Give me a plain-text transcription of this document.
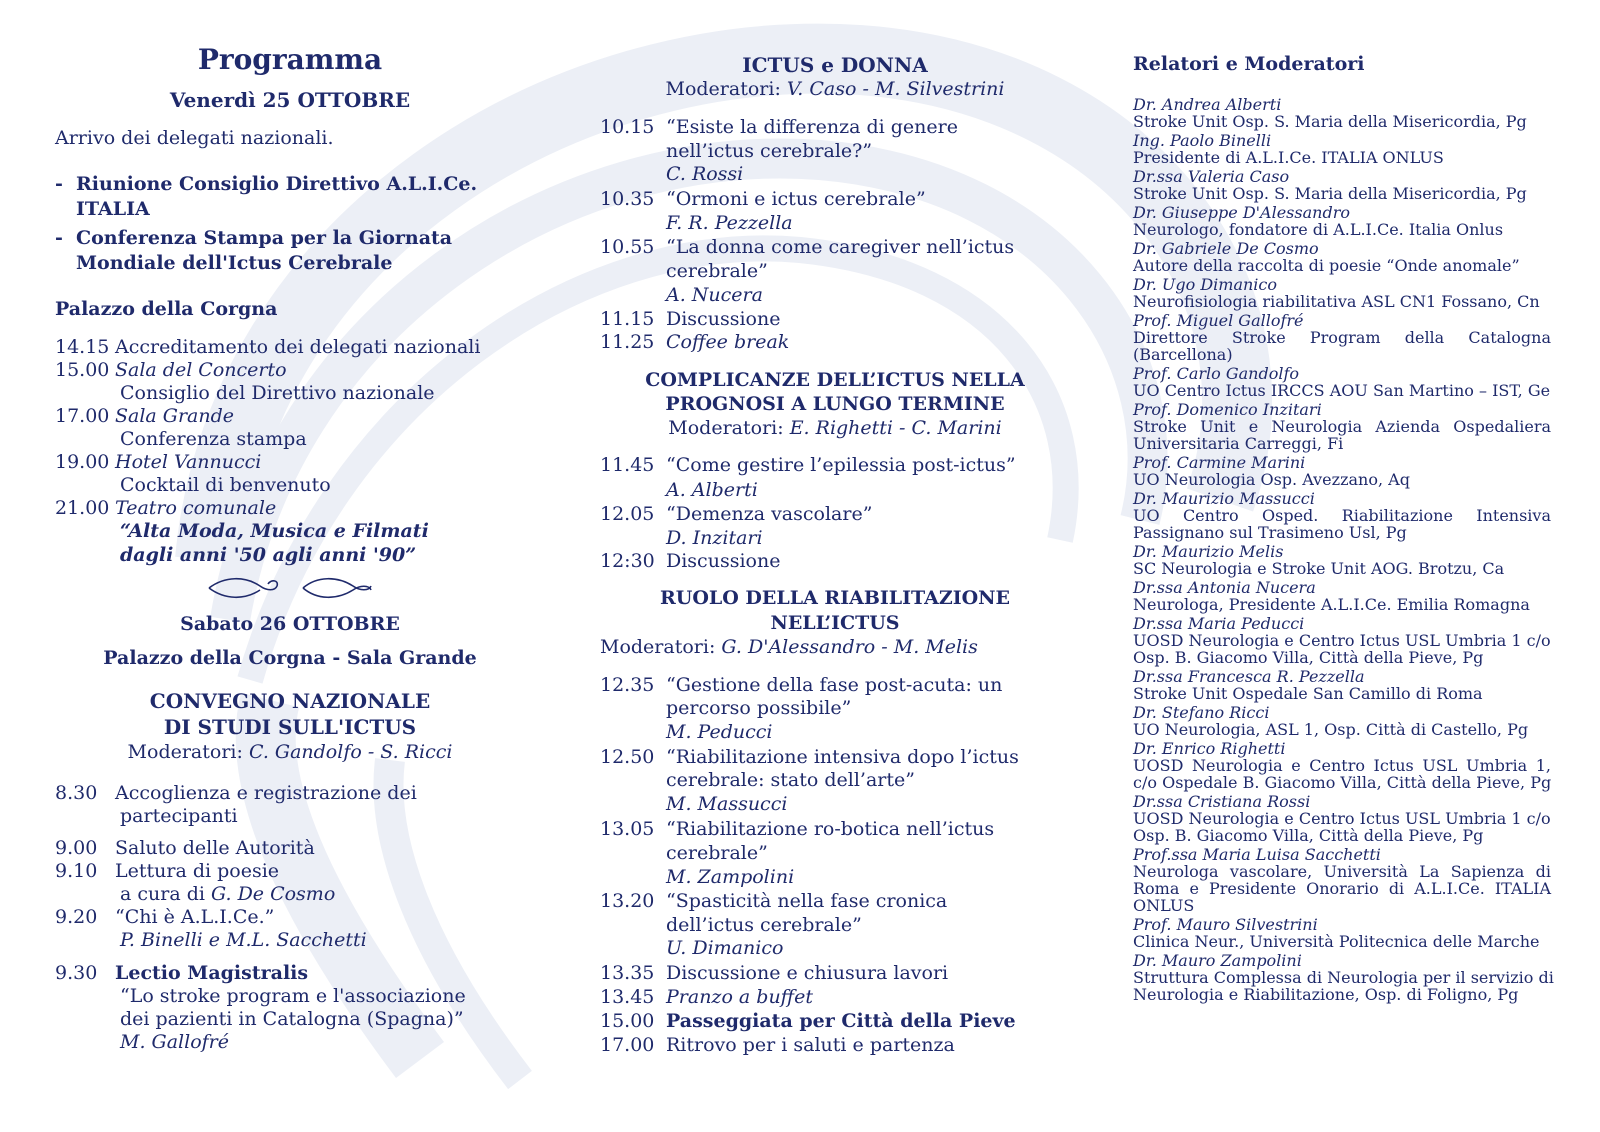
Programma
Venerdì 25 OTTOBRE
Arrivo dei delegati nazionali.
- Riunione Consiglio Direttivo A.L.I.Ce.
ITALIA
- Conferenza Stampa per la Giornata
Mondiale dell'Ictus Cerebrale
Palazzo della Corgna
14.15 Accreditamento dei delegati nazionali
15.00 Sala del Concerto
Consiglio del Direttivo nazionale
17.00 Sala Grande
Conferenza stampa
19.00 Hotel Vannucci
Cocktail di benvenuto
21.00 Teatro comunale
“Alta Moda, Musica e Filmati
dagli anni '50 agli anni '90”
Sabato 26 OTTOBRE
Palazzo della Corgna - Sala Grande
CONVEGNO NAZIONALE
DI STUDI SULL'ICTUS
Moderatori: C. Gandolfo - S. Ricci
8.30 Accoglienza e registrazione dei
partecipanti
9.00 Saluto delle Autorità
9.10 Lettura di poesie
a cura di G. De Cosmo
9.20 “Chi è A.L.I.Ce.”
P. Binelli e M.L. Sacchetti
9.30 Lectio Magistralis
“Lo stroke program e l'associazione
dei pazienti in Catalogna (Spagna)”
M. Gallofré
ICTUS e DONNA
Moderatori: V. Caso - M. Silvestrini
10.15 “Esiste la differenza di genere
nell’ictus cerebrale?”
C. Rossi
10.35 “Ormoni e ictus cerebrale”
F. R. Pezzella
10.55 “La donna come caregiver nell’ictus
cerebrale”
A. Nucera
11.15 Discussione
11.25 Coffee break
COMPLICANZE DELL’ICTUS NELLA
PROGNOSI A LUNGO TERMINE
Moderatori: E. Righetti - C. Marini
11.45 “Come gestire l’epilessia post-ictus”
A. Alberti
12.05 “Demenza vascolare”
D. Inzitari
12:30 Discussione
RUOLO DELLA RIABILITAZIONE
NELL’ICTUS
Moderatori: G. D'Alessandro - M. Melis
12.35 “Gestione della fase post-acuta: un
percorso possibile”
M. Peducci
12.50 “Riabilitazione intensiva dopo l’ictus
cerebrale: stato dell’arte”
M. Massucci
13.05 “Riabilitazione ro-botica nell’ictus
cerebrale”
M. Zampolini
13.20 “Spasticità nella fase cronica
dell’ictus cerebrale”
U. Dimanico
13.35 Discussione e chiusura lavori
13.45 Pranzo a buffet
15.00 Passeggiata per Città della Pieve
17.00 Ritrovo per i saluti e partenza
Relatori e Moderatori
Dr. Andrea Alberti
Stroke Unit Osp. S. Maria della Misericordia, Pg
Ing. Paolo Binelli
Presidente di A.L.I.Ce. ITALIA ONLUS
Dr.ssa Valeria Caso
Stroke Unit Osp. S. Maria della Misericordia, Pg
Dr. Giuseppe D'Alessandro
Neurologo, fondatore di A.L.I.Ce. Italia Onlus
Dr. Gabriele De Cosmo
Autore della raccolta di poesie “Onde anomale”
Dr. Ugo Dimanico
Neurofisiologia riabilitativa ASL CN1 Fossano, Cn
Prof. Miguel Gallofré
Direttore Stroke Program della Catalogna
(Barcellona)
Prof. Carlo Gandolfo
UO Centro Ictus IRCCS AOU San Martino – IST, Ge
Prof. Domenico Inzitari
Stroke Unit e Neurologia Azienda Ospedaliera
Universitaria Carreggi, Fi
Prof. Carmine Marini
UO Neurologia Osp. Avezzano, Aq
Dr. Maurizio Massucci
UO Centro Osped. Riabilitazione Intensiva
Passignano sul Trasimeno Usl, Pg
Dr. Maurizio Melis
SC Neurologia e Stroke Unit AOG. Brotzu, Ca
Dr.ssa Antonia Nucera
Neurologa, Presidente A.L.I.Ce. Emilia Romagna
Dr.ssa Maria Peducci
UOSD Neurologia e Centro Ictus USL Umbria 1 c/o
Osp. B. Giacomo Villa, Città della Pieve, Pg
Dr.ssa Francesca R. Pezzella
Stroke Unit Ospedale San Camillo di Roma
Dr. Stefano Ricci
UO Neurologia, ASL 1, Osp. Città di Castello, Pg
Dr. Enrico Righetti
UOSD Neurologia e Centro Ictus USL Umbria 1,
c/o Ospedale B. Giacomo Villa, Città della Pieve, Pg
Dr.ssa Cristiana Rossi
UOSD Neurologia e Centro Ictus USL Umbria 1 c/o
Osp. B. Giacomo Villa, Città della Pieve, Pg
Prof.ssa Maria Luisa Sacchetti
Neurologa vascolare, Università La Sapienza di
Roma e Presidente Onorario di A.L.I.Ce. ITALIA
ONLUS
Prof. Mauro Silvestrini
Clinica Neur., Università Politecnica delle Marche
Dr. Mauro Zampolini
Struttura Complessa di Neurologia per il servizio di
Neurologia e Riabilitazione, Osp. di Foligno, Pg
